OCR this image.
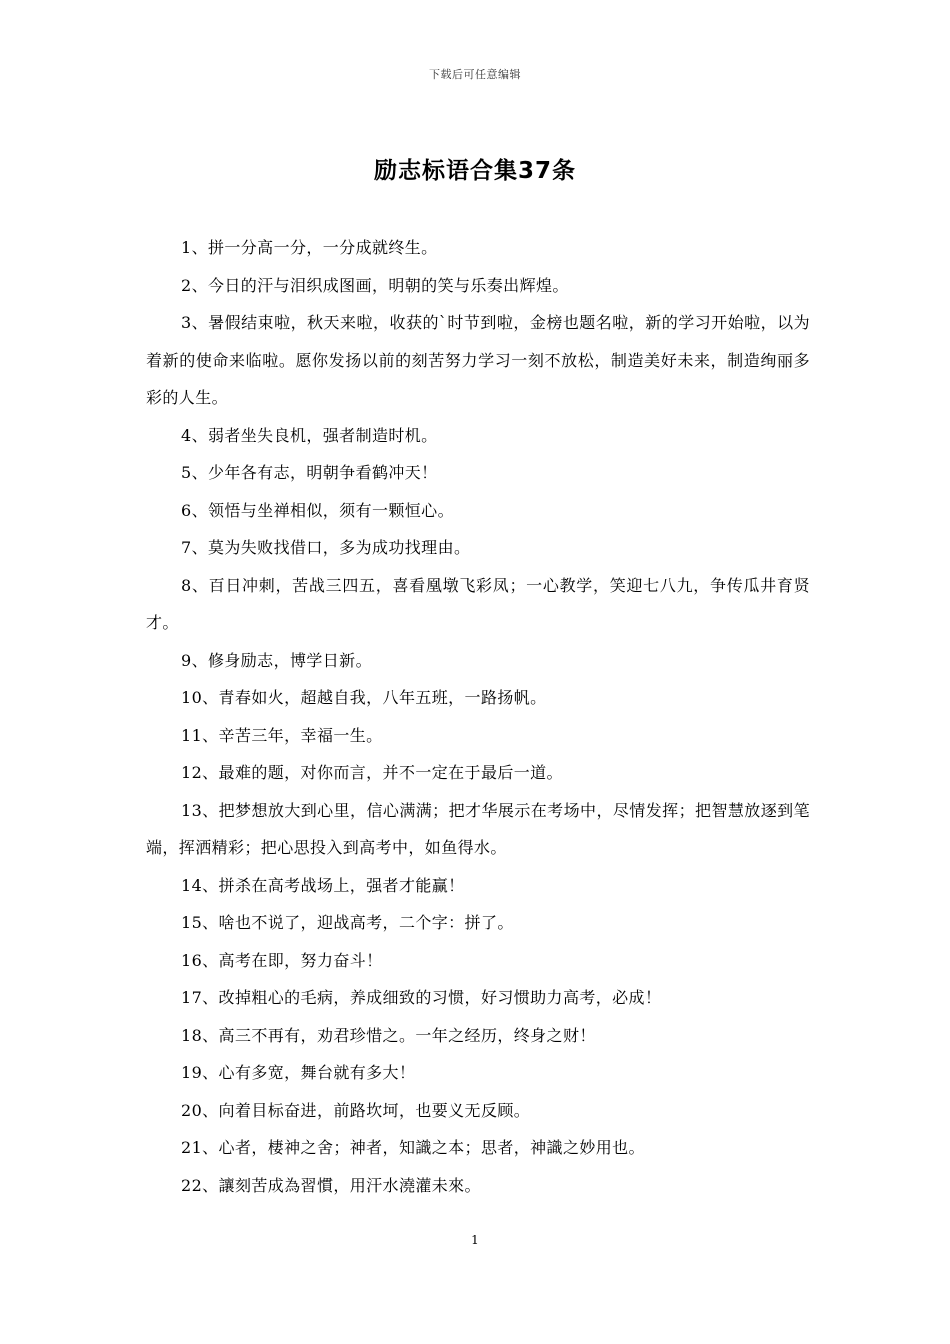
下载后可任意编辑
励志标语合集37条

1、拼一分高一分，一分成就终生。

2、今日的汗与泪织成图画，明朝的笑与乐奏出辉煌。

3、暑假结束啦，秋天来啦，收获的`时节到啦，金榜也题名啦，新的学习开始啦，以为着新的使命来临啦。愿你发扬以前的刻苦努力学习一刻不放松，制造美好未来，制造绚丽多彩的人生。

4、弱者坐失良机，强者制造时机。

5、少年各有志，明朝争看鹤冲天！

6、领悟与坐禅相似，须有一颗恒心。

7、莫为失败找借口，多为成功找理由。

8、百日冲刺，苦战三四五，喜看凰墩飞彩凤；一心教学，笑迎七八九，争传瓜井育贤才。

9、修身励志，博学日新。

10、青春如火，超越自我，八年五班，一路扬帆。

11、辛苦三年，幸福一生。

12、最难的题，对你而言，并不一定在于最后一道。

13、把梦想放大到心里，信心满满；把才华展示在考场中，尽情发挥；把智慧放逐到笔端，挥洒精彩；把心思投入到高考中，如鱼得水。

14、拼杀在高考战场上，强者才能赢！

15、啥也不说了，迎战高考，二个字：拼了。

16、高考在即，努力奋斗！

17、改掉粗心的毛病，养成细致的习惯，好习惯助力高考，必成！

18、高三不再有，劝君珍惜之。一年之经历，终身之财！

19、心有多宽，舞台就有多大！

20、向着目标奋进，前路坎坷，也要义无反顾。

21、心者，棲神之舍；神者，知識之本；思者，神識之妙用也。

22、讓刻苦成為習慣，用汗水澆灌未來。

1
